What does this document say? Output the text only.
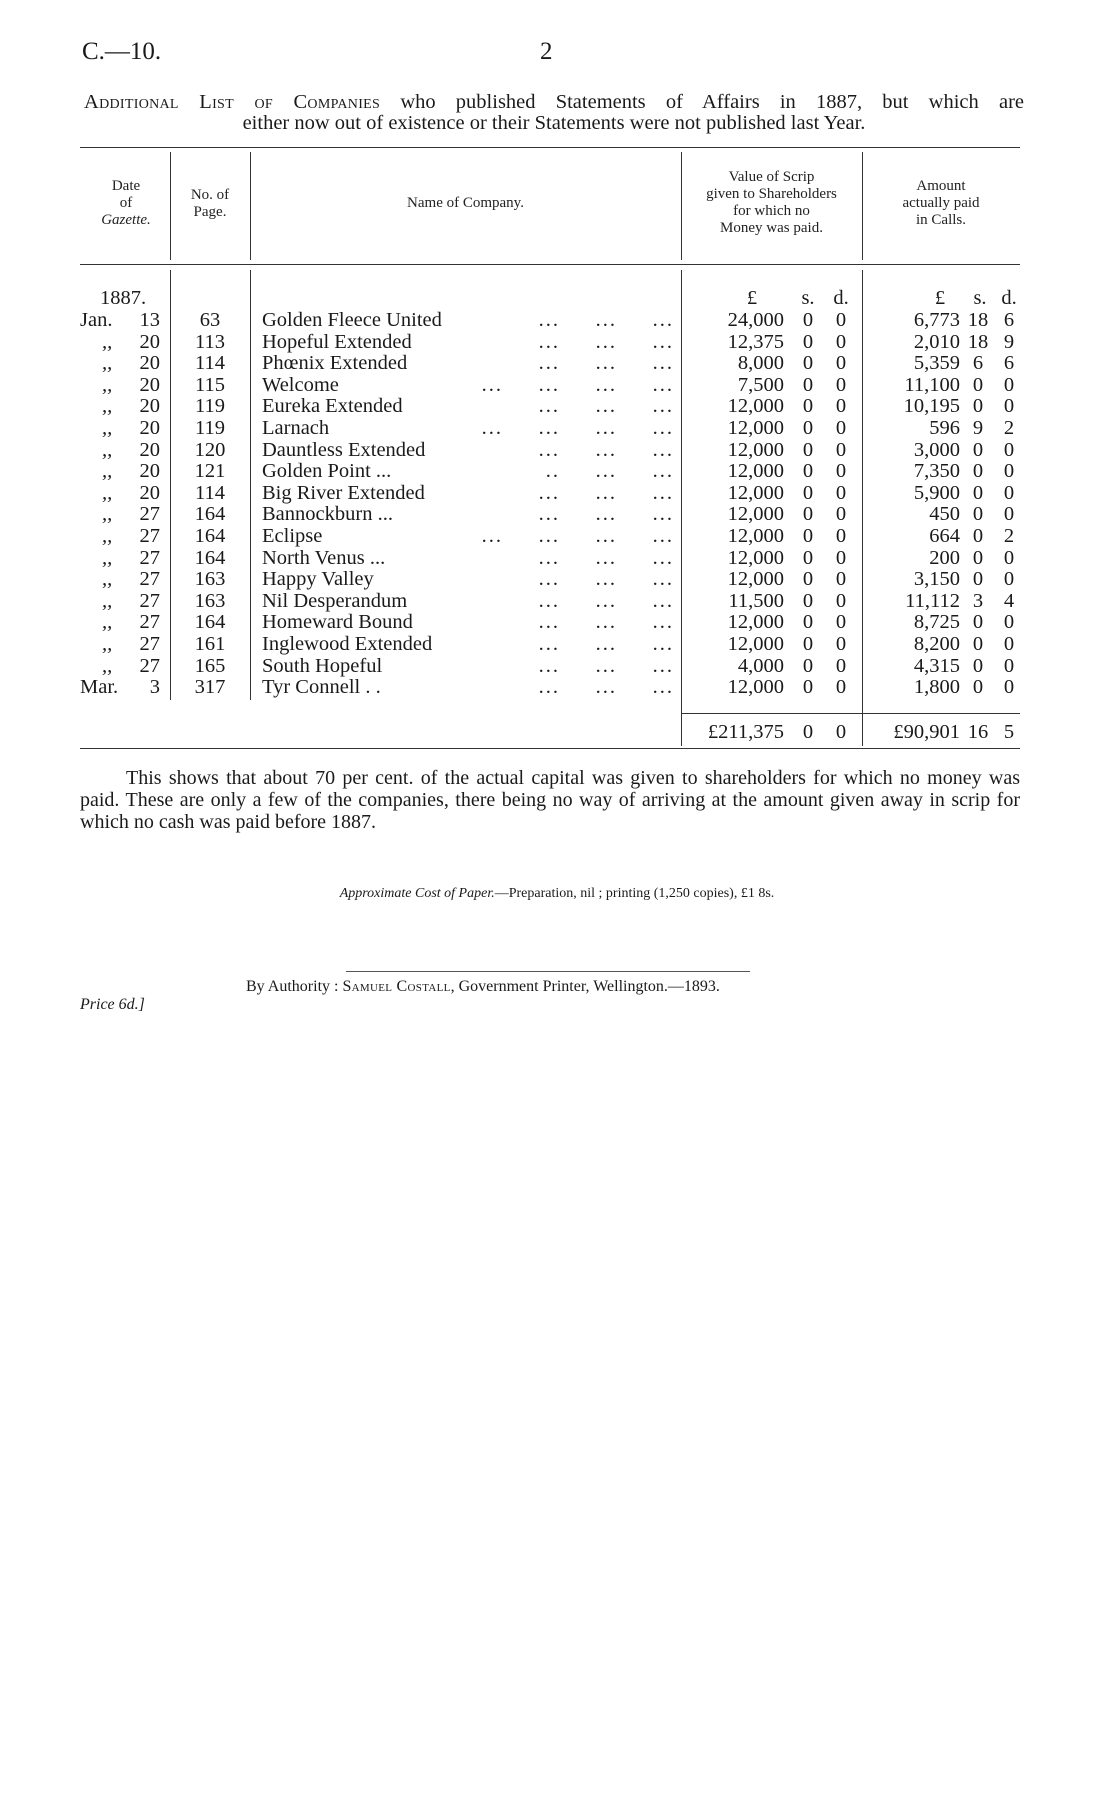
C.—10.	2
Additional List of Companies who published Statements of Affairs in 1887, but which are
either now out of existence or their Statements were not published last Year.
Date
of
Gazette.
No. of
Page.
Name of Company.
Value of Scrip
given to Shareholders
for which no
Money was paid.
Amount
actually paid
in Calls.
1887.	£ s. d.	£ s. d.
Jan.	13	63	Golden Fleece United	...     ...     ...	24,000 0 0	6,773 18 6
,,	20	113	Hopeful Extended	...     ...     ...	12,375 0 0	2,010 18 9
,,	20	114	Phœnix Extended	...     ...     ...	8,000 0 0	5,359 6	6
,,	20	115	Welcome	...     ...     ...     ...	7,500 0 0	11,100 0	0
,,	20	119	Eureka Extended	...     ...     ...	12,000 0 0	10,195 0	0
,,	20	119	Larnach	...     ...     ...     ...	12,000 0 0	596 9	2
,,	20	120	Dauntless Extended	...     ...     ...	12,000 0 0	3,000 0	0
,,	20	121	Golden Point ...	..     ...     ...	12,000 0 0	7,350 0	0
,,	20	114	Big River Extended	...     ...     ...	12,000 0 0	5,900 0	0
,,	27	164	Bannockburn ...	...     ...     ...	12,000 0 0	450 0	0
,,	27	164	Eclipse	...     ...     ...     ...	12,000 0 0	664 0	2
,,	27	164	North Venus ...	...     ...     ...	12,000 0 0	200 0	0
,,	27	163	Happy Valley	...     ...     ...	12,000 0 0	3,150 0	0
,,	27	163	Nil Desperandum	...     ...     ...	11,500 0 0	11,112 3	4
,,	27	164	Homeward Bound	...     ...     ...	12,000 0 0	8,725 0	0
,,	27	161	Inglewood Extended	...     ...     ...	12,000 0 0	8,200 0	0
,,	27	165	South Hopeful	...     ...     ...	4,000 0 0	4,315 0	0
Mar.	3	317	Tyr Connell . .	...     ...     ...	12,000 0 0	1,800 0	0
£211,375 0 0	£90,901 16 5
This shows that about 70 per cent. of the actual capital was given to shareholders for which no money was paid. These are only a few of the companies, there being no way of arriving at the amount given away in scrip for which no cash was paid before 1887.
Approximate Cost of Paper.—Preparation, nil ; printing (1,250 copies), £1 8s.
Price 6d.]
By Authority : Samuel Costall, Government Printer, Wellington.—1893.
